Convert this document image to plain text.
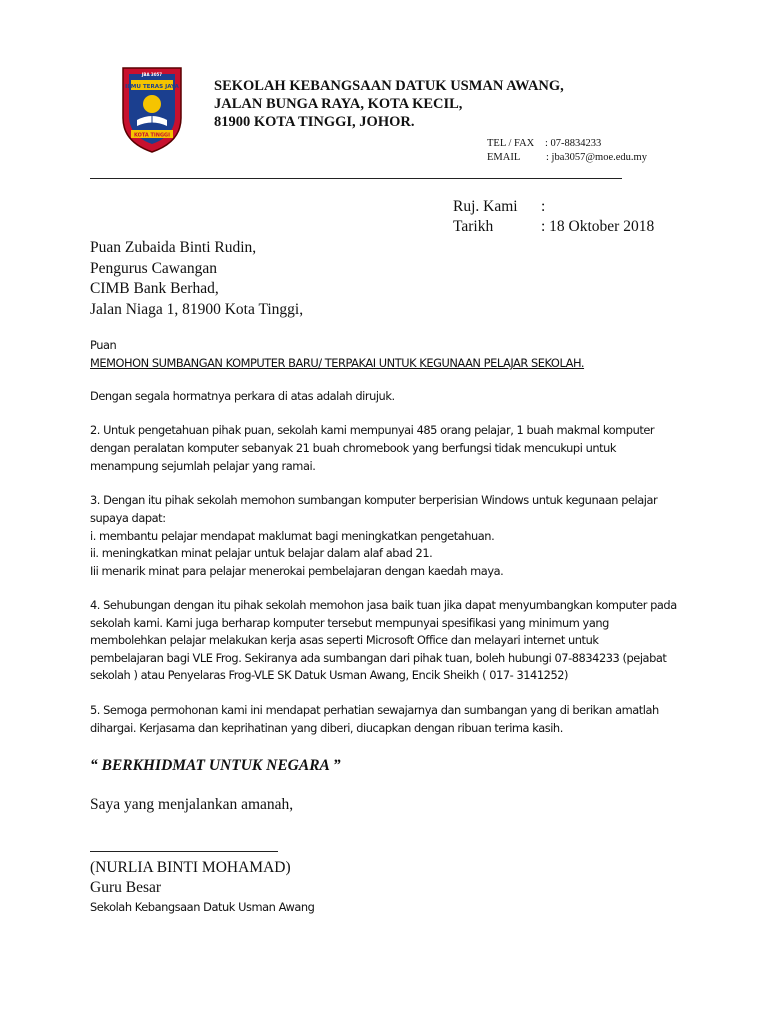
ILMU TERAS JAYA
JBA 3057
KOTA TINGGI
SEKOLAH KEBANGSAAN DATUK USMAN AWANG,
JALAN BUNGA RAYA, KOTA KECIL,
81900 KOTA TINGGI, JOHOR.
TEL / FAX : 07-8834233
EMAIL : jba3057@moe.edu.my
Ruj. Kami :
Tarikh	: 18 Oktober 2018
Puan Zubaida Binti Rudin,
Pengurus Cawangan
CIMB Bank Berhad,
Jalan Niaga 1, 81900 Kota Tinggi,
Puan
MEMOHON SUMBANGAN KOMPUTER BARU/ TERPAKAI UNTUK KEGUNAAN PELAJAR SEKOLAH.
Dengan segala hormatnya perkara di atas adalah dirujuk.
2. Untuk pengetahuan pihak puan, sekolah kami mempunyai 485 orang pelajar, 1 buah makmal komputer
dengan peralatan komputer sebanyak 21 buah chromebook yang berfungsi tidak mencukupi untuk
menampung sejumlah pelajar yang ramai.
3. Dengan itu pihak sekolah memohon sumbangan komputer berperisian Windows untuk kegunaan pelajar
supaya dapat:
i. membantu pelajar mendapat maklumat bagi meningkatkan pengetahuan.
ii. meningkatkan minat pelajar untuk belajar dalam alaf abad 21.
Iii menarik minat para pelajar menerokai pembelajaran dengan kaedah maya.
4. Sehubungan dengan itu pihak sekolah memohon jasa baik tuan jika dapat menyumbangkan komputer pada
sekolah kami. Kami juga berharap komputer tersebut mempunyai spesifikasi yang minimum yang
membolehkan pelajar melakukan kerja asas seperti Microsoft Office dan melayari internet untuk
pembelajaran bagi VLE Frog. Sekiranya ada sumbangan dari pihak tuan, boleh hubungi 07-8834233 (pejabat
sekolah ) atau Penyelaras Frog-VLE SK Datuk Usman Awang, Encik Sheikh ( 017- 3141252)
5. Semoga permohonan kami ini mendapat perhatian sewajarnya dan sumbangan yang di berikan amatlah
dihargai. Kerjasama dan keprihatinan yang diberi, diucapkan dengan ribuan terima kasih.
“ BERKHIDMAT UNTUK NEGARA ”
Saya yang menjalankan amanah,
(NURLIA BINTI MOHAMAD)
Guru Besar
Sekolah Kebangsaan Datuk Usman Awang
